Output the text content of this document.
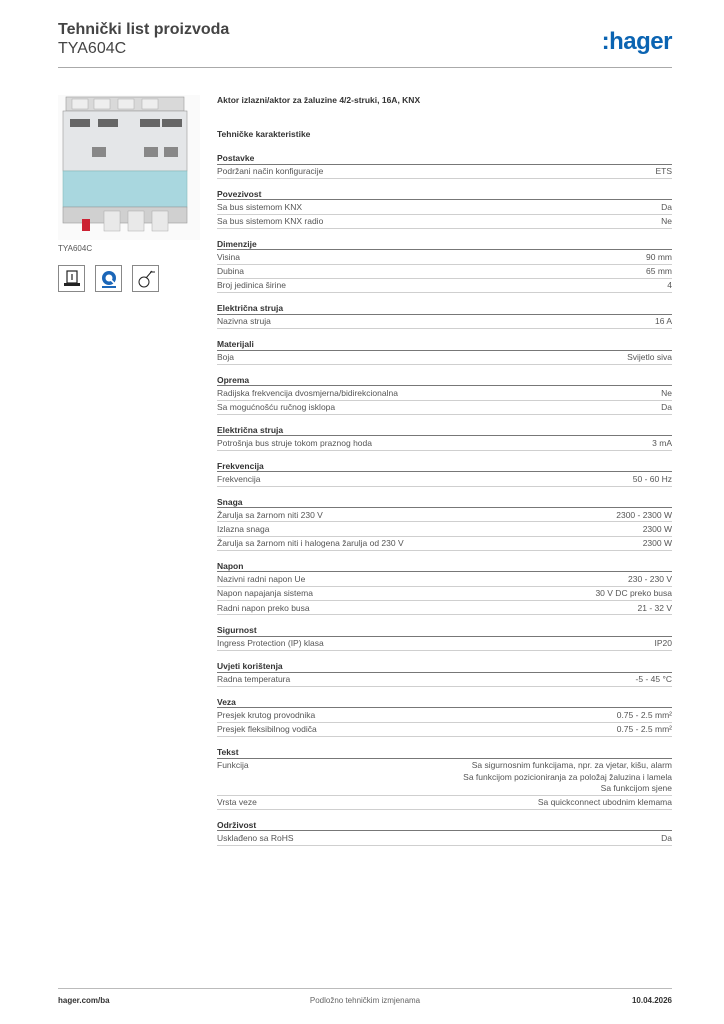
Tehnički list proizvoda
TYA604C	:hager
TYA604C
Aktor izlazni/aktor za žaluzine 4/2-struki, 16A, KNX
Tehničke karakteristike
Postavke
Podržani način konfiguracije	ETS
Povezivost
Sa bus sistemom KNX	Da
Sa bus sistemom KNX radio	Ne
Dimenzije
Visina	90 mm
Dubina	65 mm
Broj jedinica širine	4
Električna struja
Nazivna struja	16 A
Materijali
Boja	Svijetlo siva
Oprema
Radijska frekvencija dvosmjerna/bidirekcionalna	Ne
Sa mogućnošću ručnog isklopa	Da
Električna struja
Potrošnja bus struje tokom praznog hoda	3 mA
Frekvencija
Frekvencija	50 - 60 Hz
Snaga
Žarulja sa žarnom niti 230 V	2300 - 2300 W
Izlazna snaga	2300 W
Žarulja sa žarnom niti i halogena žarulja od 230 V	2300 W
Napon
Nazivni radni napon Ue	230 - 230 V
Napon napajanja sistema	30 V DC preko busa
Radni napon preko busa	21 - 32 V
Sigurnost
Ingress Protection (IP) klasa	IP20
Uvjeti korištenja
Radna temperatura	-5 - 45 °C
Veza
Presjek krutog provodnika	0.75 - 2.5 mm²
Presjek fleksibilnog vodiča	0.75 - 2.5 mm²
Tekst
Funkcija	Sa sigurnosnim funkcijama, npr. za vjetar, kišu, alarm
Sa funkcijom pozicioniranja za položaj žaluzina i lamela
Sa funkcijom sjene
Vrsta veze	Sa quickconnect ubodnim klemama
Održivost
Usklađeno sa RoHS	Da
hager.com/ba	Podložno tehničkim izmjenama	10.04.2026
